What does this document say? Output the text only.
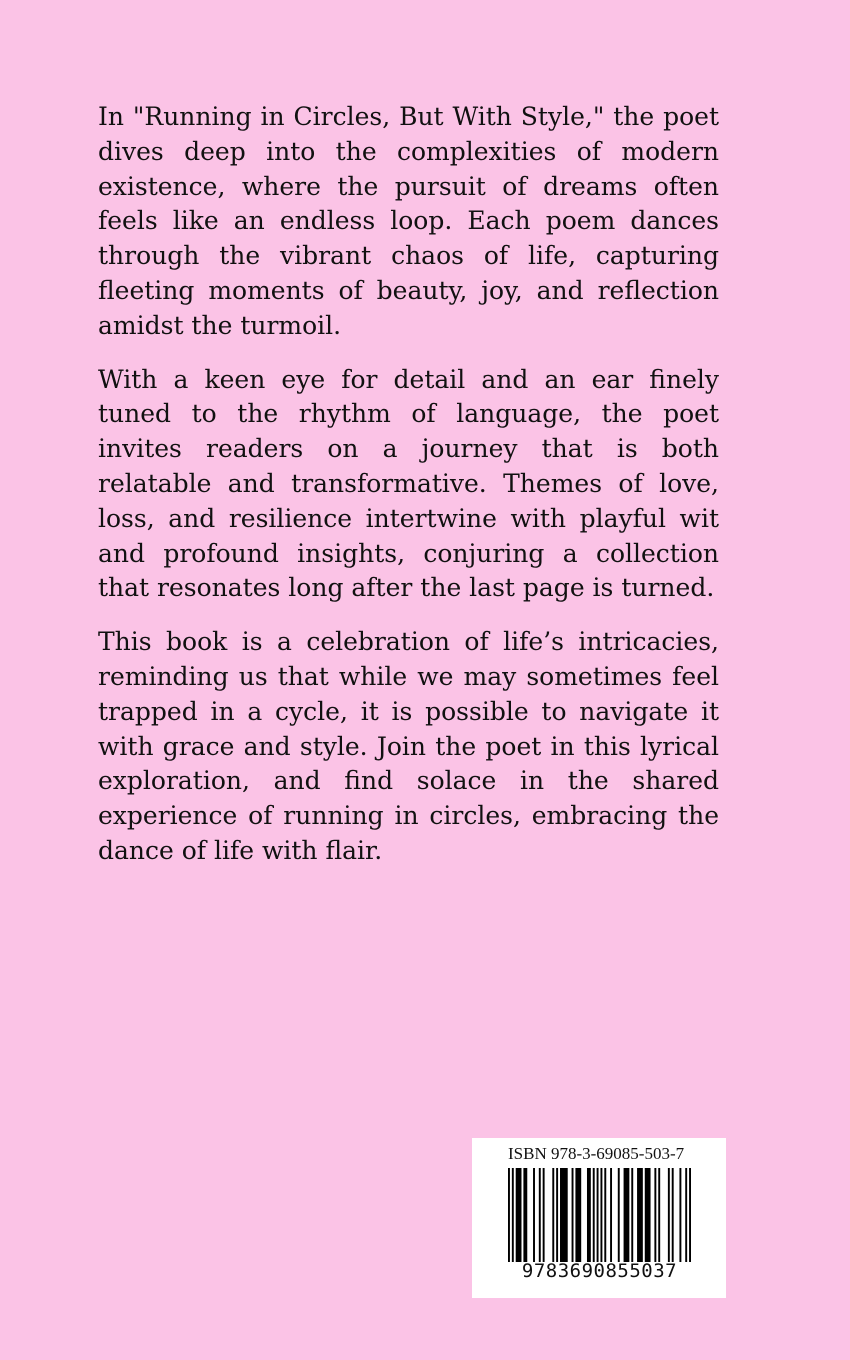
In "Running in Circles, But With Style," the poet dives deep into the complexities of modern existence, where the pursuit of dreams often feels like an endless loop. Each poem dances through the vibrant chaos of life, capturing fleeting moments of beauty, joy, and reflection amidst the turmoil.

With a keen eye for detail and an ear finely tuned to the rhythm of language, the poet invites readers on a journey that is both relatable and transformative. Themes of love, loss, and resilience intertwine with playful wit and profound insights, conjuring a collection that resonates long after the last page is turned.

This book is a celebration of life’s intricacies, reminding us that while we may sometimes feel trapped in a cycle, it is possible to navigate it with grace and style. Join the poet in this lyrical exploration, and find solace in the shared experience of running in circles, embracing the dance of life with flair.

ISBN 978-3-69085-503-7
9783690855037
